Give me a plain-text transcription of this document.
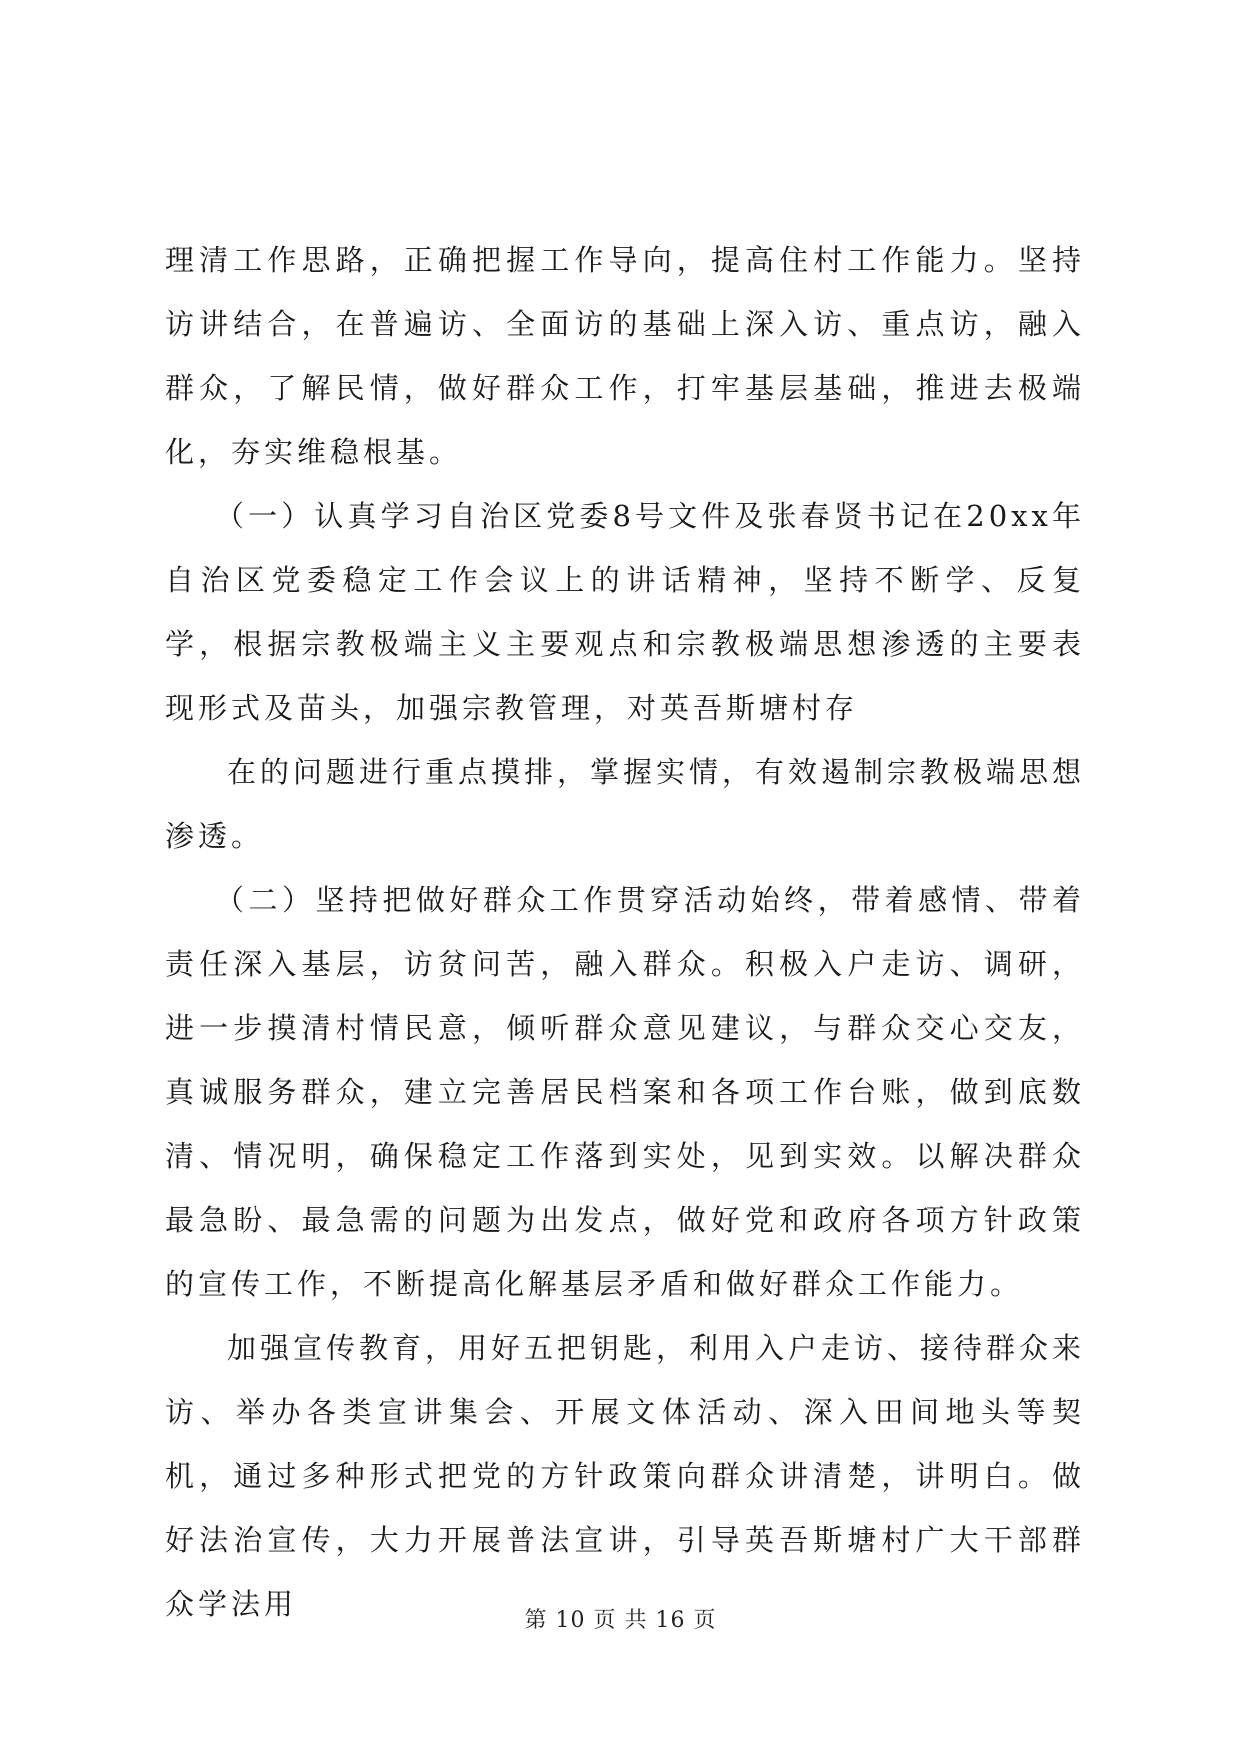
理清工作思路，正确把握工作导向，提高住村工作能力。坚持访讲结合，在普遍访、全面访的基础上深入访、重点访，融入群众，了解民情，做好群众工作，打牢基层基础，推进去极端化，夯实维稳根基。

（一）认真学习自治区党委8号文件及张春贤书记在20xx年自治区党委稳定工作会议上的讲话精神，坚持不断学、反复学，根据宗教极端主义主要观点和宗教极端思想渗透的主要表现形式及苗头，加强宗教管理，对英吾斯塘村存

在的问题进行重点摸排，掌握实情，有效遏制宗教极端思想渗透。

（二）坚持把做好群众工作贯穿活动始终，带着感情、带着责任深入基层，访贫问苦，融入群众。积极入户走访、调研，进一步摸清村情民意，倾听群众意见建议，与群众交心交友，真诚服务群众，建立完善居民档案和各项工作台账，做到底数清、情况明，确保稳定工作落到实处，见到实效。以解决群众最急盼、最急需的问题为出发点，做好党和政府各项方针政策的宣传工作，不断提高化解基层矛盾和做好群众工作能力。

加强宣传教育，用好五把钥匙，利用入户走访、接待群众来访、举办各类宣讲集会、开展文体活动、深入田间地头等契机，通过多种形式把党的方针政策向群众讲清楚，讲明白。做好法治宣传，大力开展普法宣讲，引导英吾斯塘村广大干部群众学法用	第 10 页 共 16 页
